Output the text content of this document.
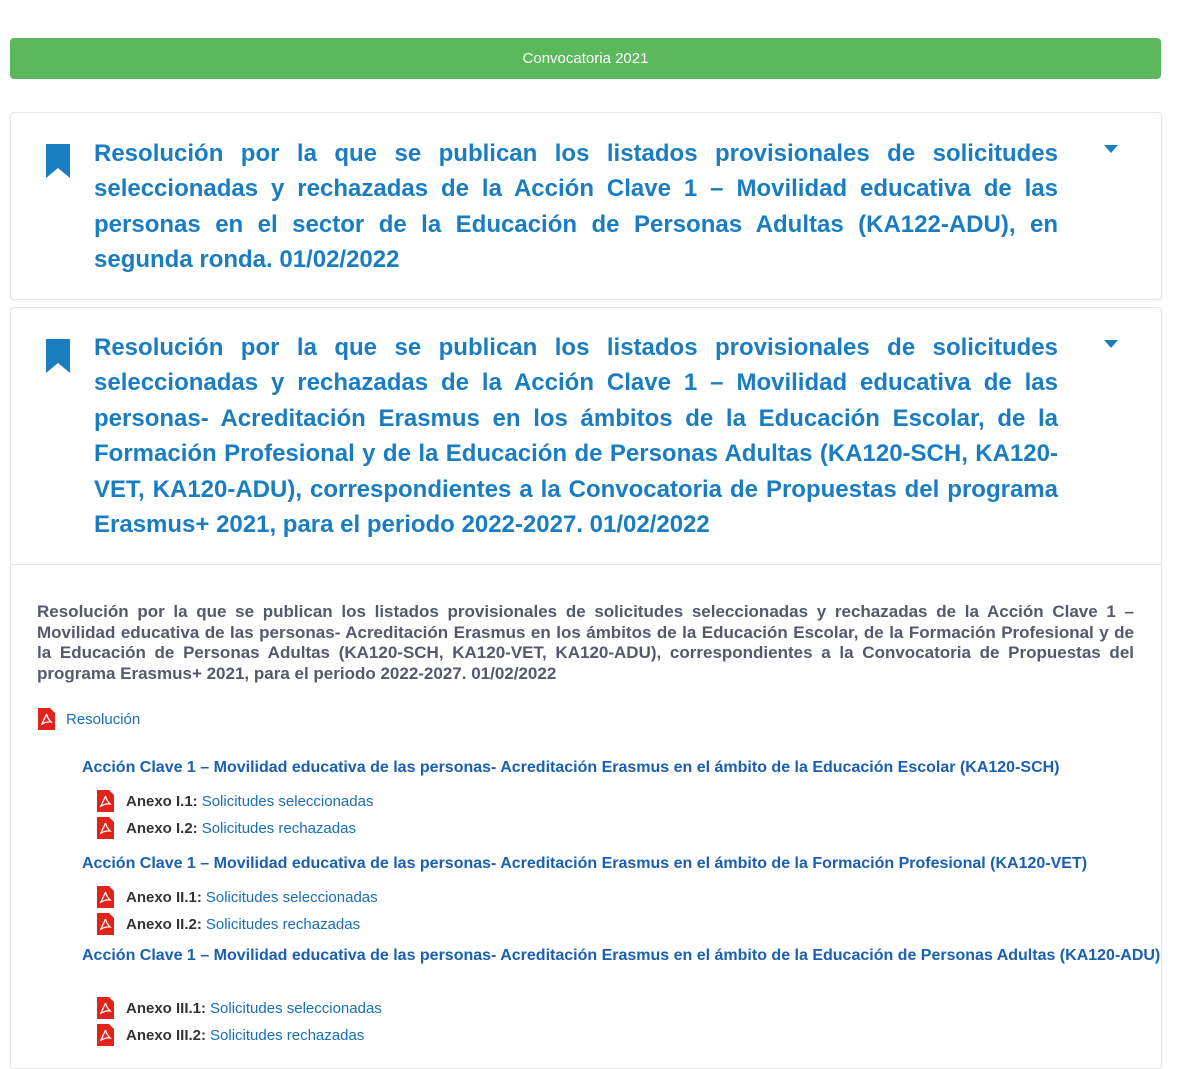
Convocatoria 2021
Resolución por la que se publican los listados provisionales de solicitudes seleccionadas y rechazadas de la Acción Clave 1 – Movilidad educativa de las personas en el sector de la Educación de Personas Adultas (KA122-ADU), en segunda ronda. 01/02/2022
Resolución por la que se publican los listados provisionales de solicitudes seleccionadas y rechazadas de la Acción Clave 1 – Movilidad educativa de las personas- Acreditación Erasmus en los ámbitos de la Educación Escolar, de la Formación Profesional y de la Educación de Personas Adultas (KA120-SCH, KA120-VET, KA120-ADU), correspondientes a la Convocatoria de Propuestas del programa Erasmus+ 2021, para el periodo 2022-2027. 01/02/2022

Resolución por la que se publican los listados provisionales de solicitudes seleccionadas y rechazadas de la Acción Clave 1 – Movilidad educativa de las personas- Acreditación Erasmus en los ámbitos de la Educación Escolar, de la Formación Profesional y de la Educación de Personas Adultas (KA120-SCH, KA120-VET, KA120-ADU), correspondientes a la Convocatoria de Propuestas del programa Erasmus+ 2021, para el periodo 2022-2027. 01/02/2022

Resolución
Acción Clave 1 – Movilidad educativa de las personas- Acreditación Erasmus en el ámbito de la Educación Escolar (KA120-SCH)
Anexo I.1: Solicitudes seleccionadas
Anexo I.2: Solicitudes rechazadas
Acción Clave 1 – Movilidad educativa de las personas- Acreditación Erasmus en el ámbito de la Formación Profesional (KA120-VET)
Anexo II.1: Solicitudes seleccionadas
Anexo II.2: Solicitudes rechazadas
Acción Clave 1 – Movilidad educativa de las personas- Acreditación Erasmus en el ámbito de la Educación de Personas Adultas (KA120-ADU)
Anexo III.1: Solicitudes seleccionadas
Anexo III.2: Solicitudes rechazadas
